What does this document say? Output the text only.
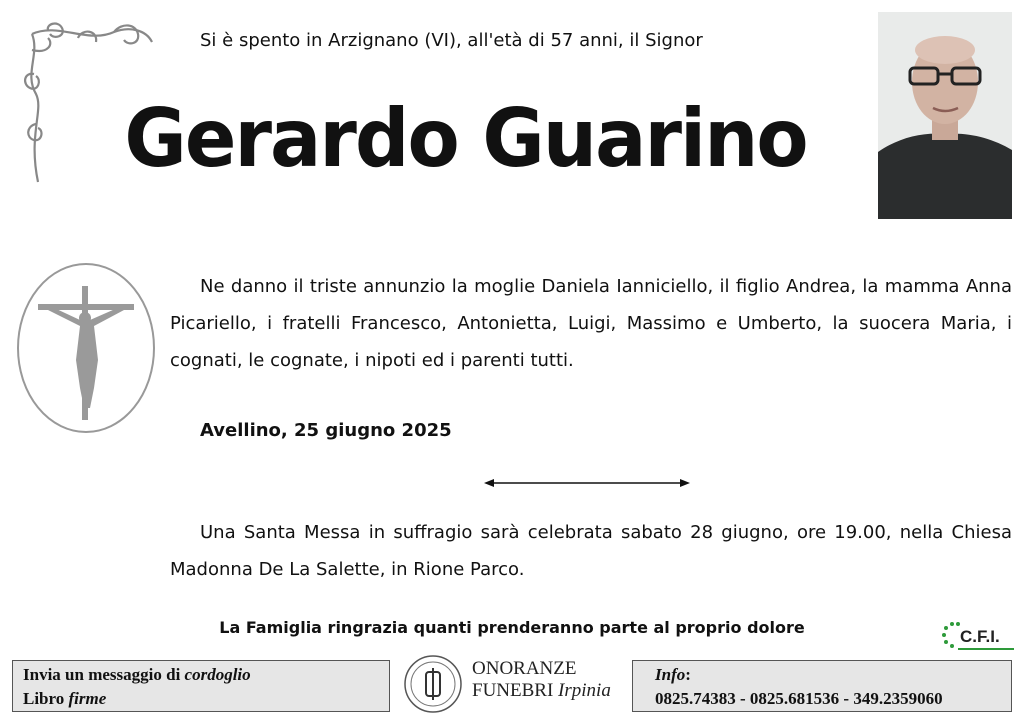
Si è spento in Arzignano (VI), all'età di 57 anni, il Signor
Gerardo Guarino

Ne danno il triste annunzio la moglie Daniela Ianniciello, il figlio Andrea, la mamma Anna Picariello, i fratelli Francesco, Antonietta, Luigi, Massimo e Umberto, la suocera Maria, i cognati, le cognate, i nipoti ed i parenti tutti.

Avellino, 25 giugno 2025

Una Santa Messa in suffragio sarà celebrata sabato 28 giugno, ore 19.00, nella Chiesa Madonna De La Salette, in Rione Parco.

La Famiglia ringrazia quanti prenderanno parte al proprio dolore	C.F.I.
Invia un messaggio di cordoglio
Libro firme
ONORANZE
FUNEBRI Irpinia
Info:
0825.74383 - 0825.681536 - 349.2359060
